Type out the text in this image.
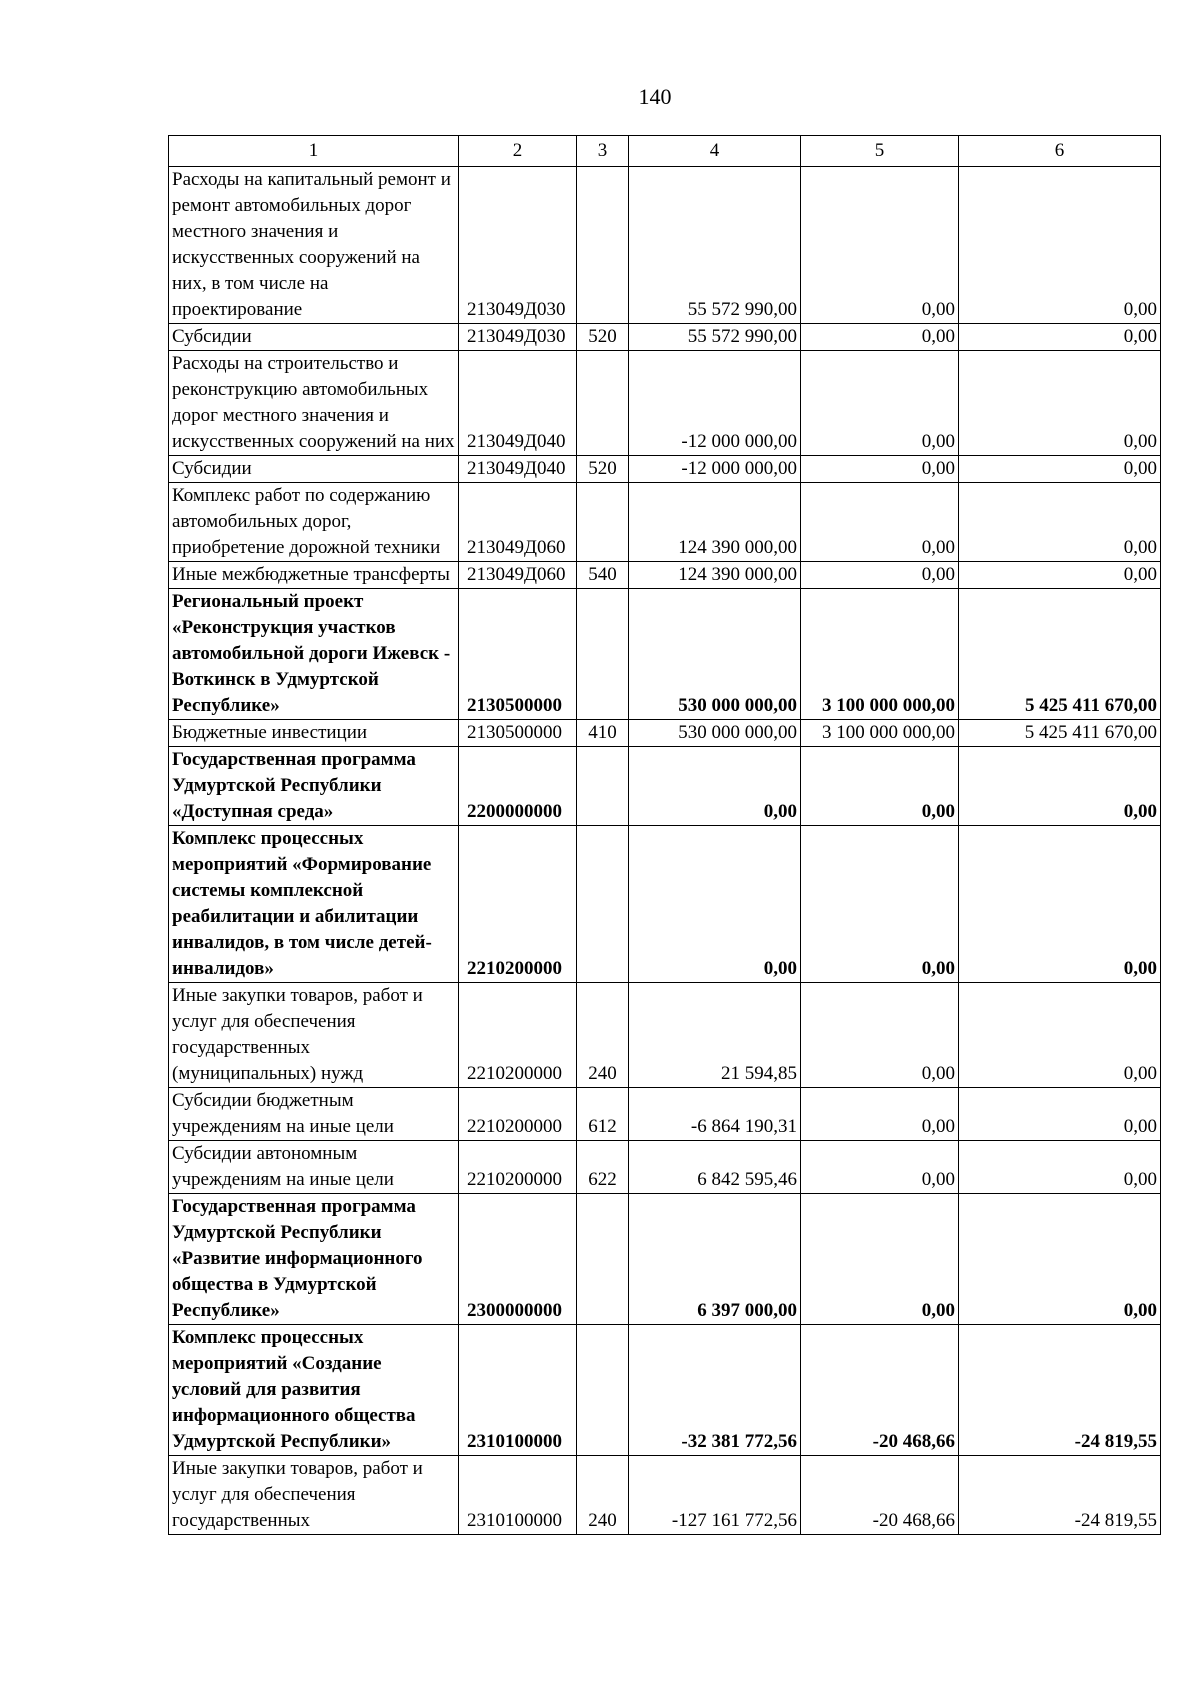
140
1	2	3	4	5	6
Расходы на капитальный ремонт и ремонт автомобильных дорог местного значения и искусственных сооружений на них, в том числе на проектирование	213049Д030		55 572 990,00	0,00	0,00
Субсидии	213049Д030	520	55 572 990,00	0,00	0,00
Расходы на строительство и реконструкцию автомобильных дорог местного значения и искусственных сооружений на них	213049Д040		-12 000 000,00	0,00	0,00
Субсидии	213049Д040	520	-12 000 000,00	0,00	0,00
Комплекс работ по содержанию автомобильных дорог, приобретение дорожной техники	213049Д060		124 390 000,00	0,00	0,00
Иные межбюджетные трансферты	213049Д060	540	124 390 000,00	0,00	0,00
Региональный проект «Реконструкция участков автомобильной дороги Ижевск - Воткинск в Удмуртской Республике»	2130500000		530 000 000,00	3 100 000 000,00	5 425 411 670,00
Бюджетные инвестиции	2130500000	410	530 000 000,00	3 100 000 000,00	5 425 411 670,00
Государственная программа Удмуртской Республики «Доступная среда»	2200000000		0,00	0,00	0,00
Комплекс процессных мероприятий «Формирование системы комплексной реабилитации и абилитации инвалидов, в том числе детей-инвалидов»	2210200000		0,00	0,00	0,00
Иные закупки товаров, работ и услуг для обеспечения государственных (муниципальных) нужд	2210200000	240	21 594,85	0,00	0,00
Субсидии бюджетным учреждениям на иные цели	2210200000	612	-6 864 190,31	0,00	0,00
Субсидии автономным учреждениям на иные цели	2210200000	622	6 842 595,46	0,00	0,00
Государственная программа Удмуртской Республики «Развитие информационного общества в Удмуртской Республике»	2300000000		6 397 000,00	0,00	0,00
Комплекс процессных мероприятий «Создание условий для развития информационного общества Удмуртской Республики»	2310100000		-32 381 772,56	-20 468,66	-24 819,55
Иные закупки товаров, работ и услуг для обеспечения государственных	2310100000	240	-127 161 772,56	-20 468,66	-24 819,55
